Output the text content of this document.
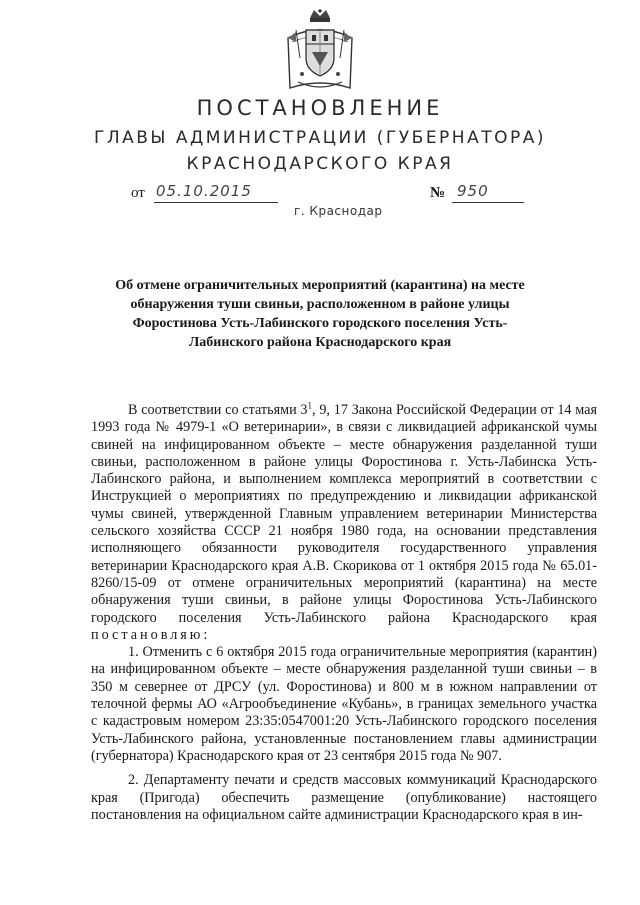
ПОСТАНОВЛЕНИЕ
ГЛАВЫ АДМИНИСТРАЦИИ (ГУБЕРНАТОРА)
КРАСНОДАРСКОГО КРАЯ
от 05.10.2015	№ 950
г. Краснодар
Об отмене ограничительных мероприятий (карантина) на месте обнаружения туши свиньи, расположенном в районе улицы Фоpостинова Усть-Лабинского городского поселения Усть-Лабинского района Краснодарского края

В соответствии со статьями $3^1$, 9, 17 Закона Российской Федерации от 14 мая 1993 года № 4979-1 «О ветеринарии», в связи с ликвидацией африканской чумы свиней на инфицированном объекте – месте обнаружения разделанной туши свиньи, расположенном в районе улицы Фоpостинова г. Усть-Лабинска Усть-Лабинского района, и выполнением комплекса мероприятий в соответствии с Инструкцией о мероприятиях по предупреждению и ликвидации африканской чумы свиней, утвержденной Главным управлением ветеринарии Министерства сельского хозяйства СССР 21 ноября 1980 года, на основании представления исполняющего обязанности руководителя государственного управления ветеринарии Краснодарского края А.В. Скорикова от 1 октября 2015 года № 65.01-8260/15-09 от отмене ограничительных мероприятий (карантина) на месте обнаружения туши свиньи, в районе улицы Фоpостинова Усть-Лабинского городского поселения Усть-Лабинского района Краснодарского края постановляю:

1. Отменить с 6 октября 2015 года ограничительные мероприятия (карантин) на инфицированном объекте – месте обнаружения разделанной туши свиньи – в 350 м севернее от ДРСУ (ул. Фоpостинова) и 800 м в южном направлении от телочной фермы АО «Агрообъединение «Кубань», в границах земельного участка с кадастровым номером 23:35:0547001:20 Усть-Лабинского городского поселения Усть-Лабинского района, установленные постановлением главы администрации (губернатора) Краснодарского края от 23 сентября 2015 года № 907.

2. Департаменту печати и средств массовых коммуникаций Краснодарского края (Пригода) обеспечить размещение (опубликование) настоящего постановления на официальном сайте администрации Краснодарского края в ин-
